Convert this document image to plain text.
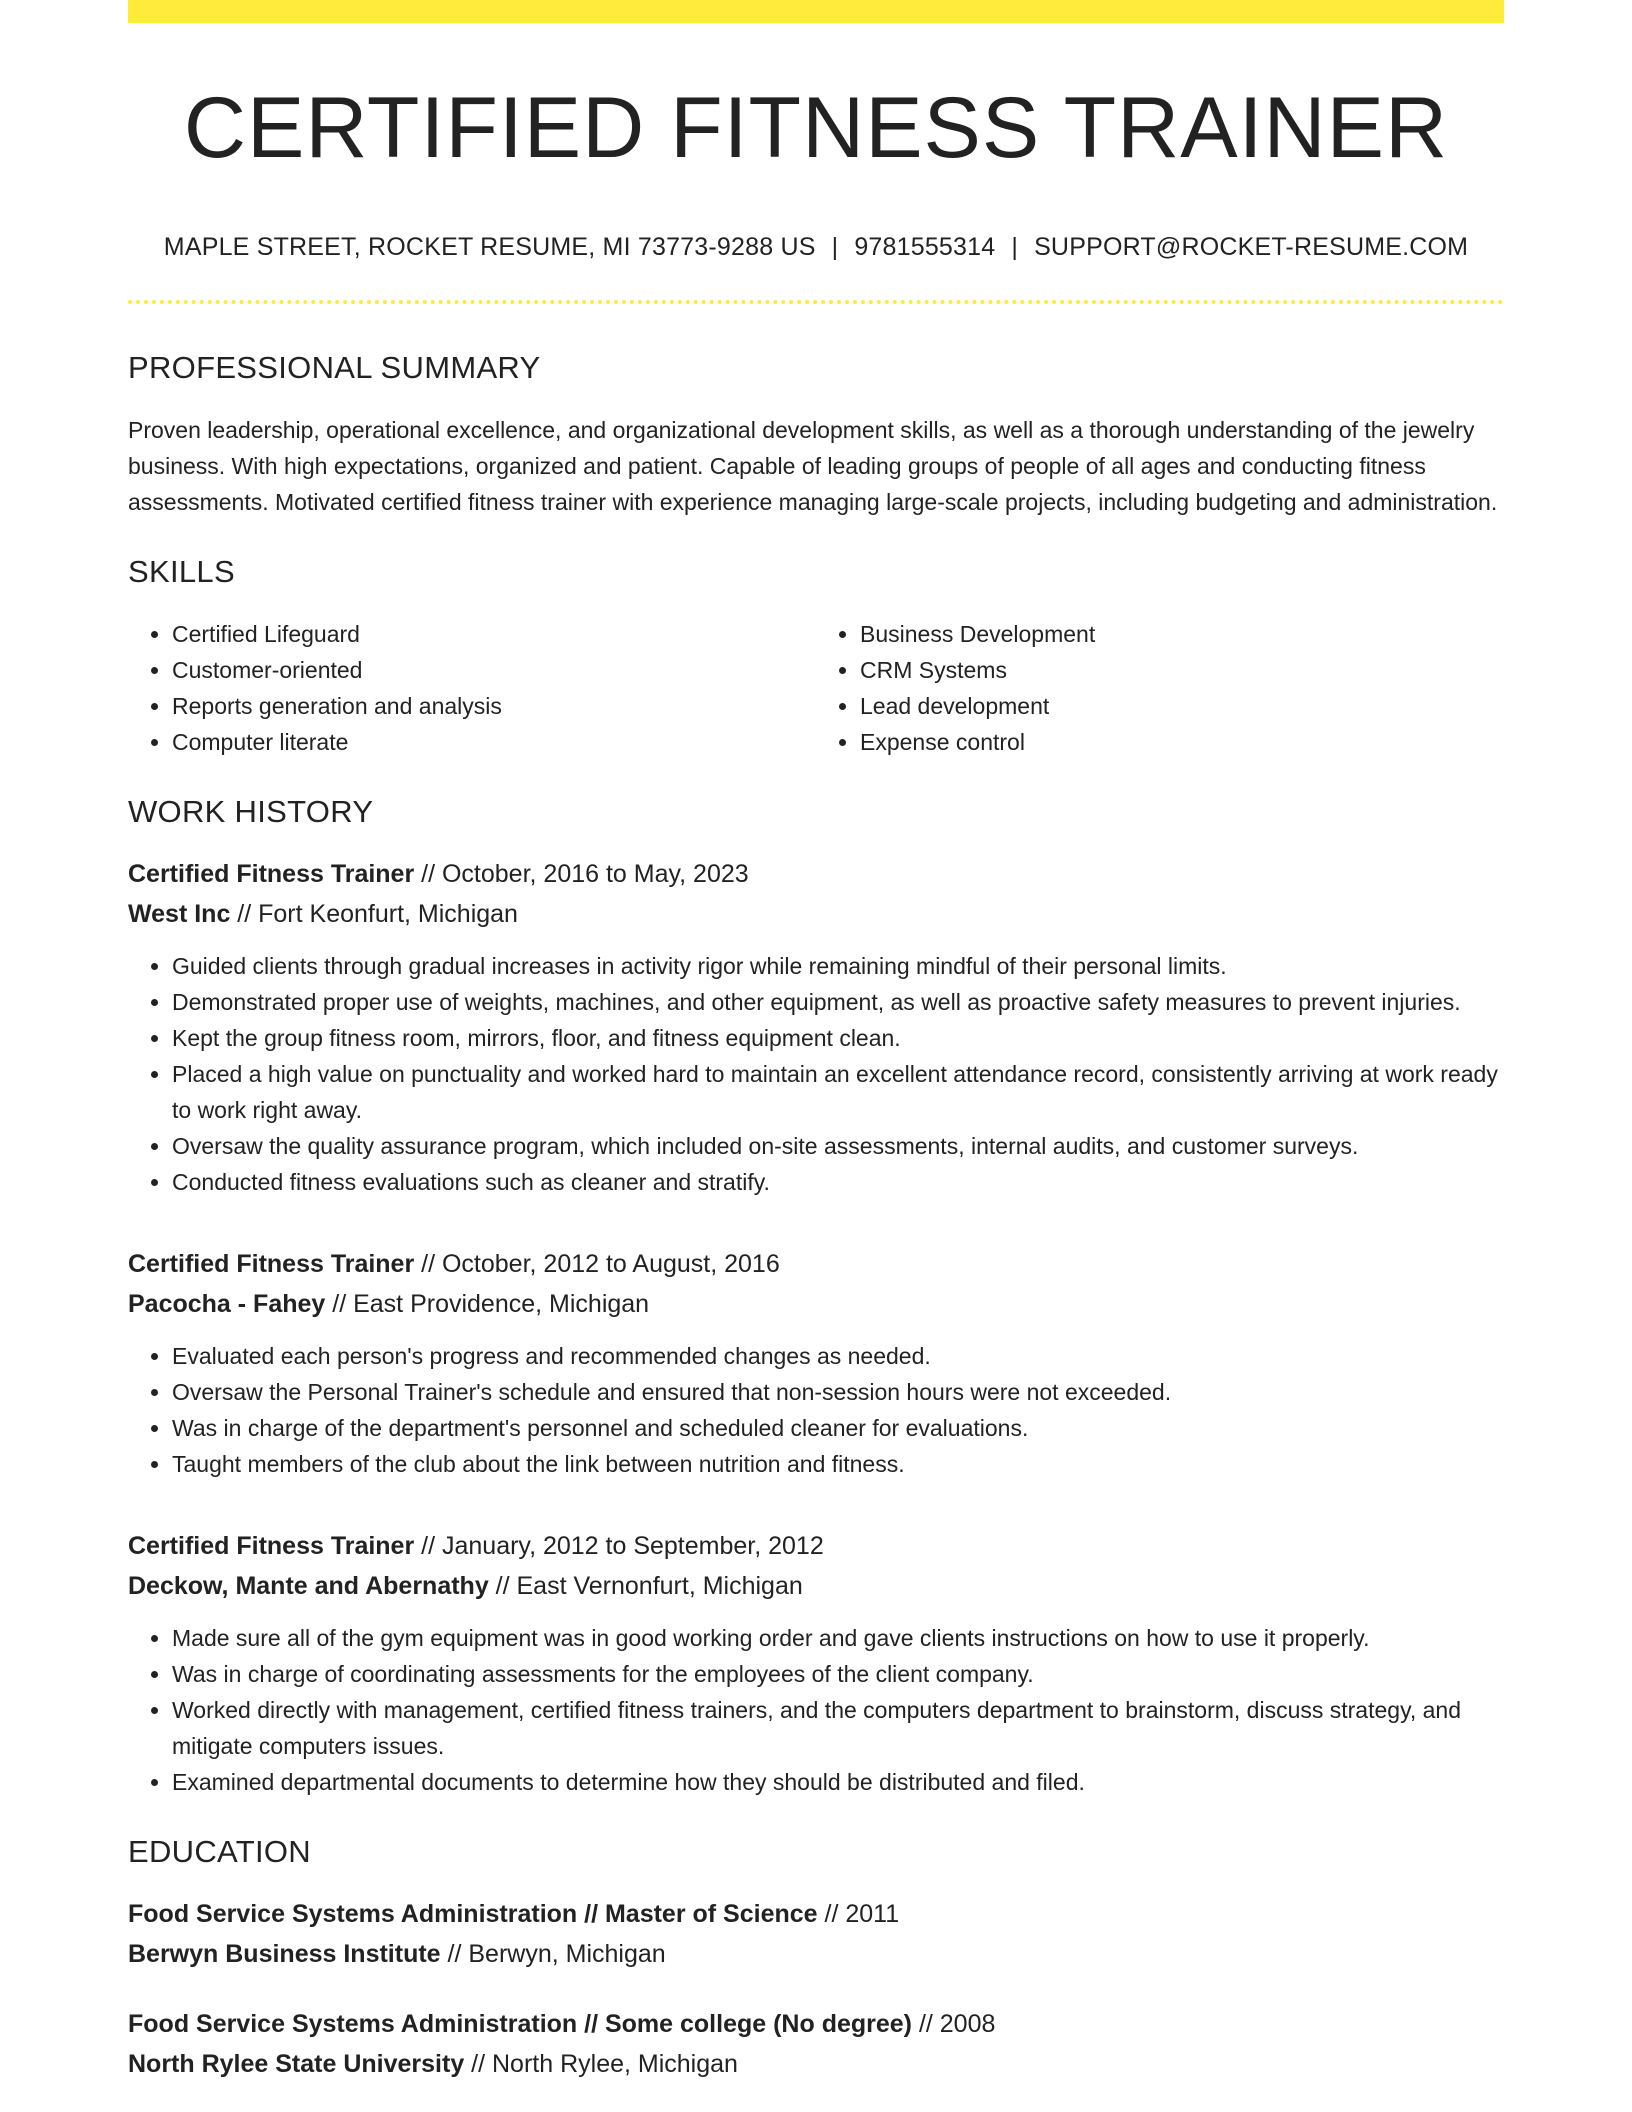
CERTIFIED FITNESS TRAINER
MAPLE STREET, ROCKET RESUME, MI 73773-9288 US | 9781555314 | SUPPORT@ROCKET-RESUME.COM
PROFESSIONAL SUMMARY

Proven leadership, operational excellence, and organizational development skills, as well as a thorough understanding of the jewelry business. With high expectations, organized and patient. Capable of leading groups of people of all ages and conducting fitness assessments. Motivated certified fitness trainer with experience managing large-scale projects, including budgeting and administration.

SKILLS
• Certified Lifeguard
• Customer-oriented
• Reports generation and analysis
• Computer literate
• Business Development
• CRM Systems
• Lead development
• Expense control
WORK HISTORY
Certified Fitness Trainer // October, 2016 to May, 2023
West Inc // Fort Keonfurt, Michigan
• Guided clients through gradual increases in activity rigor while remaining mindful of their personal limits.
• Demonstrated proper use of weights, machines, and other equipment, as well as proactive safety measures to prevent injuries.
• Kept the group fitness room, mirrors, floor, and fitness equipment clean.
• Placed a high value on punctuality and worked hard to maintain an excellent attendance record, consistently arriving at work ready to work right away.
• Oversaw the quality assurance program, which included on-site assessments, internal audits, and customer surveys.
• Conducted fitness evaluations such as cleaner and stratify.
Certified Fitness Trainer // October, 2012 to August, 2016
Pacocha - Fahey // East Providence, Michigan
• Evaluated each person's progress and recommended changes as needed.
• Oversaw the Personal Trainer's schedule and ensured that non-session hours were not exceeded.
• Was in charge of the department's personnel and scheduled cleaner for evaluations.
• Taught members of the club about the link between nutrition and fitness.
Certified Fitness Trainer // January, 2012 to September, 2012
Deckow, Mante and Abernathy // East Vernonfurt, Michigan
• Made sure all of the gym equipment was in good working order and gave clients instructions on how to use it properly.
• Was in charge of coordinating assessments for the employees of the client company.
• Worked directly with management, certified fitness trainers, and the computers department to brainstorm, discuss strategy, and mitigate computers issues.
• Examined departmental documents to determine how they should be distributed and filed.
EDUCATION
Food Service Systems Administration // Master of Science // 2011
Berwyn Business Institute // Berwyn, Michigan
Food Service Systems Administration // Some college (No degree) // 2008
North Rylee State University // North Rylee, Michigan
